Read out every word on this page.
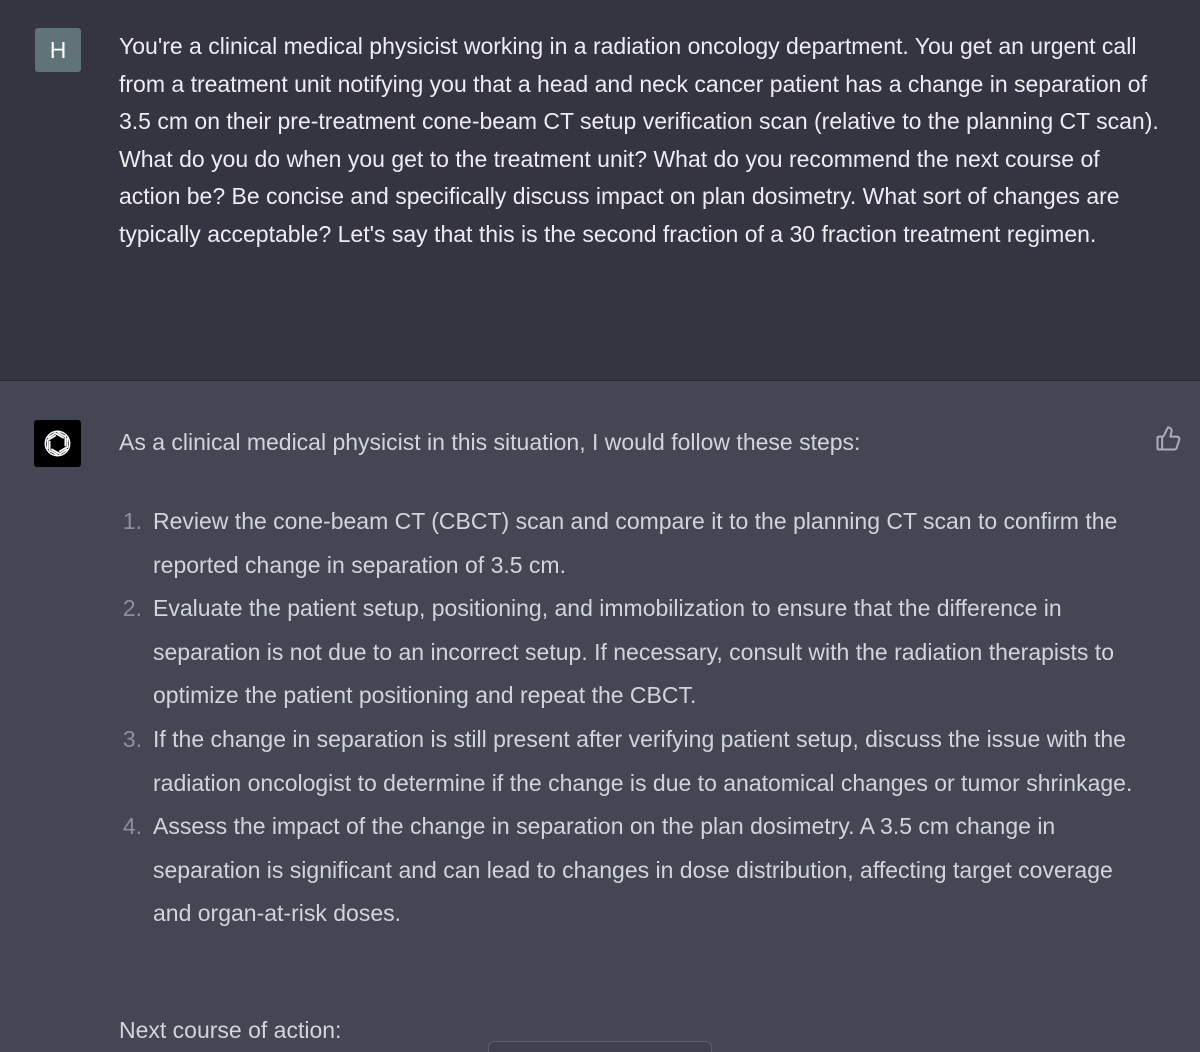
H	You're a clinical medical physicist working in a radiation oncology department. You get an urgent call from a treatment unit notifying you that a head and neck cancer patient has a change in separation of 3.5 cm on their pre-treatment cone-beam CT setup verification scan (relative to the planning CT scan). What do you do when you get to the treatment unit? What do you recommend the next course of action be? Be concise and specifically discuss impact on plan dosimetry. What sort of changes are typically acceptable? Let's say that this is the second fraction of a 30 fraction treatment regimen.

As a clinical medical physicist in this situation, I would follow these steps:

1. Review the cone-beam CT (CBCT) scan and compare it to the planning CT scan to confirm the reported change in separation of 3.5 cm.
2. Evaluate the patient setup, positioning, and immobilization to ensure that the difference in separation is not due to an incorrect setup. If necessary, consult with the radiation therapists to optimize the patient positioning and repeat the CBCT.
3. If the change in separation is still present after verifying patient setup, discuss the issue with the radiation oncologist to determine if the change is due to anatomical changes or tumor shrinkage.
4. Assess the impact of the change in separation on the plan dosimetry. A 3.5 cm change in separation is significant and can lead to changes in dose distribution, affecting target coverage and organ-at-risk doses.

Next course of action:
